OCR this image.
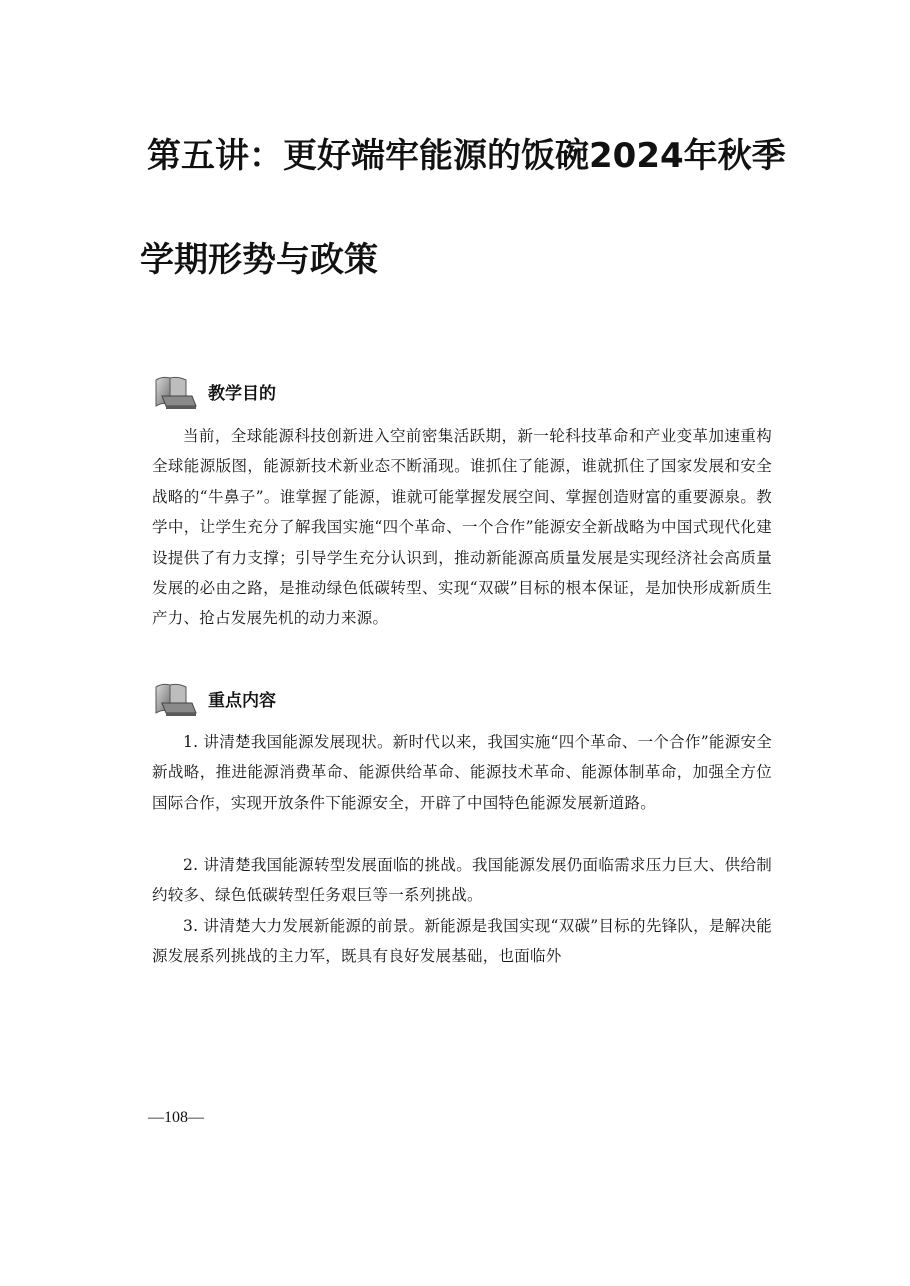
第五讲：更好端牢能源的饭碗2024年秋季
学期形势与政策
教学目的

当前，全球能源科技创新进入空前密集活跃期，新一轮科技革命和产业变革加速重构全球能源版图，能源新技术新业态不断涌现。谁抓住了能源，谁就抓住了国家发展和安全战略的“牛鼻子”。谁掌握了能源，谁就可能掌握发展空间、掌握创造财富的重要源泉。教学中，让学生充分了解我国实施“四个革命、一个合作”能源安全新战略为中国式现代化建设提供了有力支撑；引导学生充分认识到，推动新能源高质量发展是实现经济社会高质量发展的必由之路，是推动绿色低碳转型、实现“双碳”目标的根本保证，是加快形成新质生产力、抢占发展先机的动力来源。

重点内容

1. 讲清楚我国能源发展现状。新时代以来，我国实施“四个革命、一个合作”能源安全新战略，推进能源消费革命、能源供给革命、能源技术革命、能源体制革命，加强全方位国际合作，实现开放条件下能源安全，开辟了中国特色能源发展新道路。

2. 讲清楚我国能源转型发展面临的挑战。我国能源发展仍面临需求压力巨大、供给制约较多、绿色低碳转型任务艰巨等一系列挑战。

3. 讲清楚大力发展新能源的前景。新能源是我国实现“双碳”目标的先锋队，是解决能源发展系列挑战的主力军，既具有良好发展基础，也面临外

—108—
